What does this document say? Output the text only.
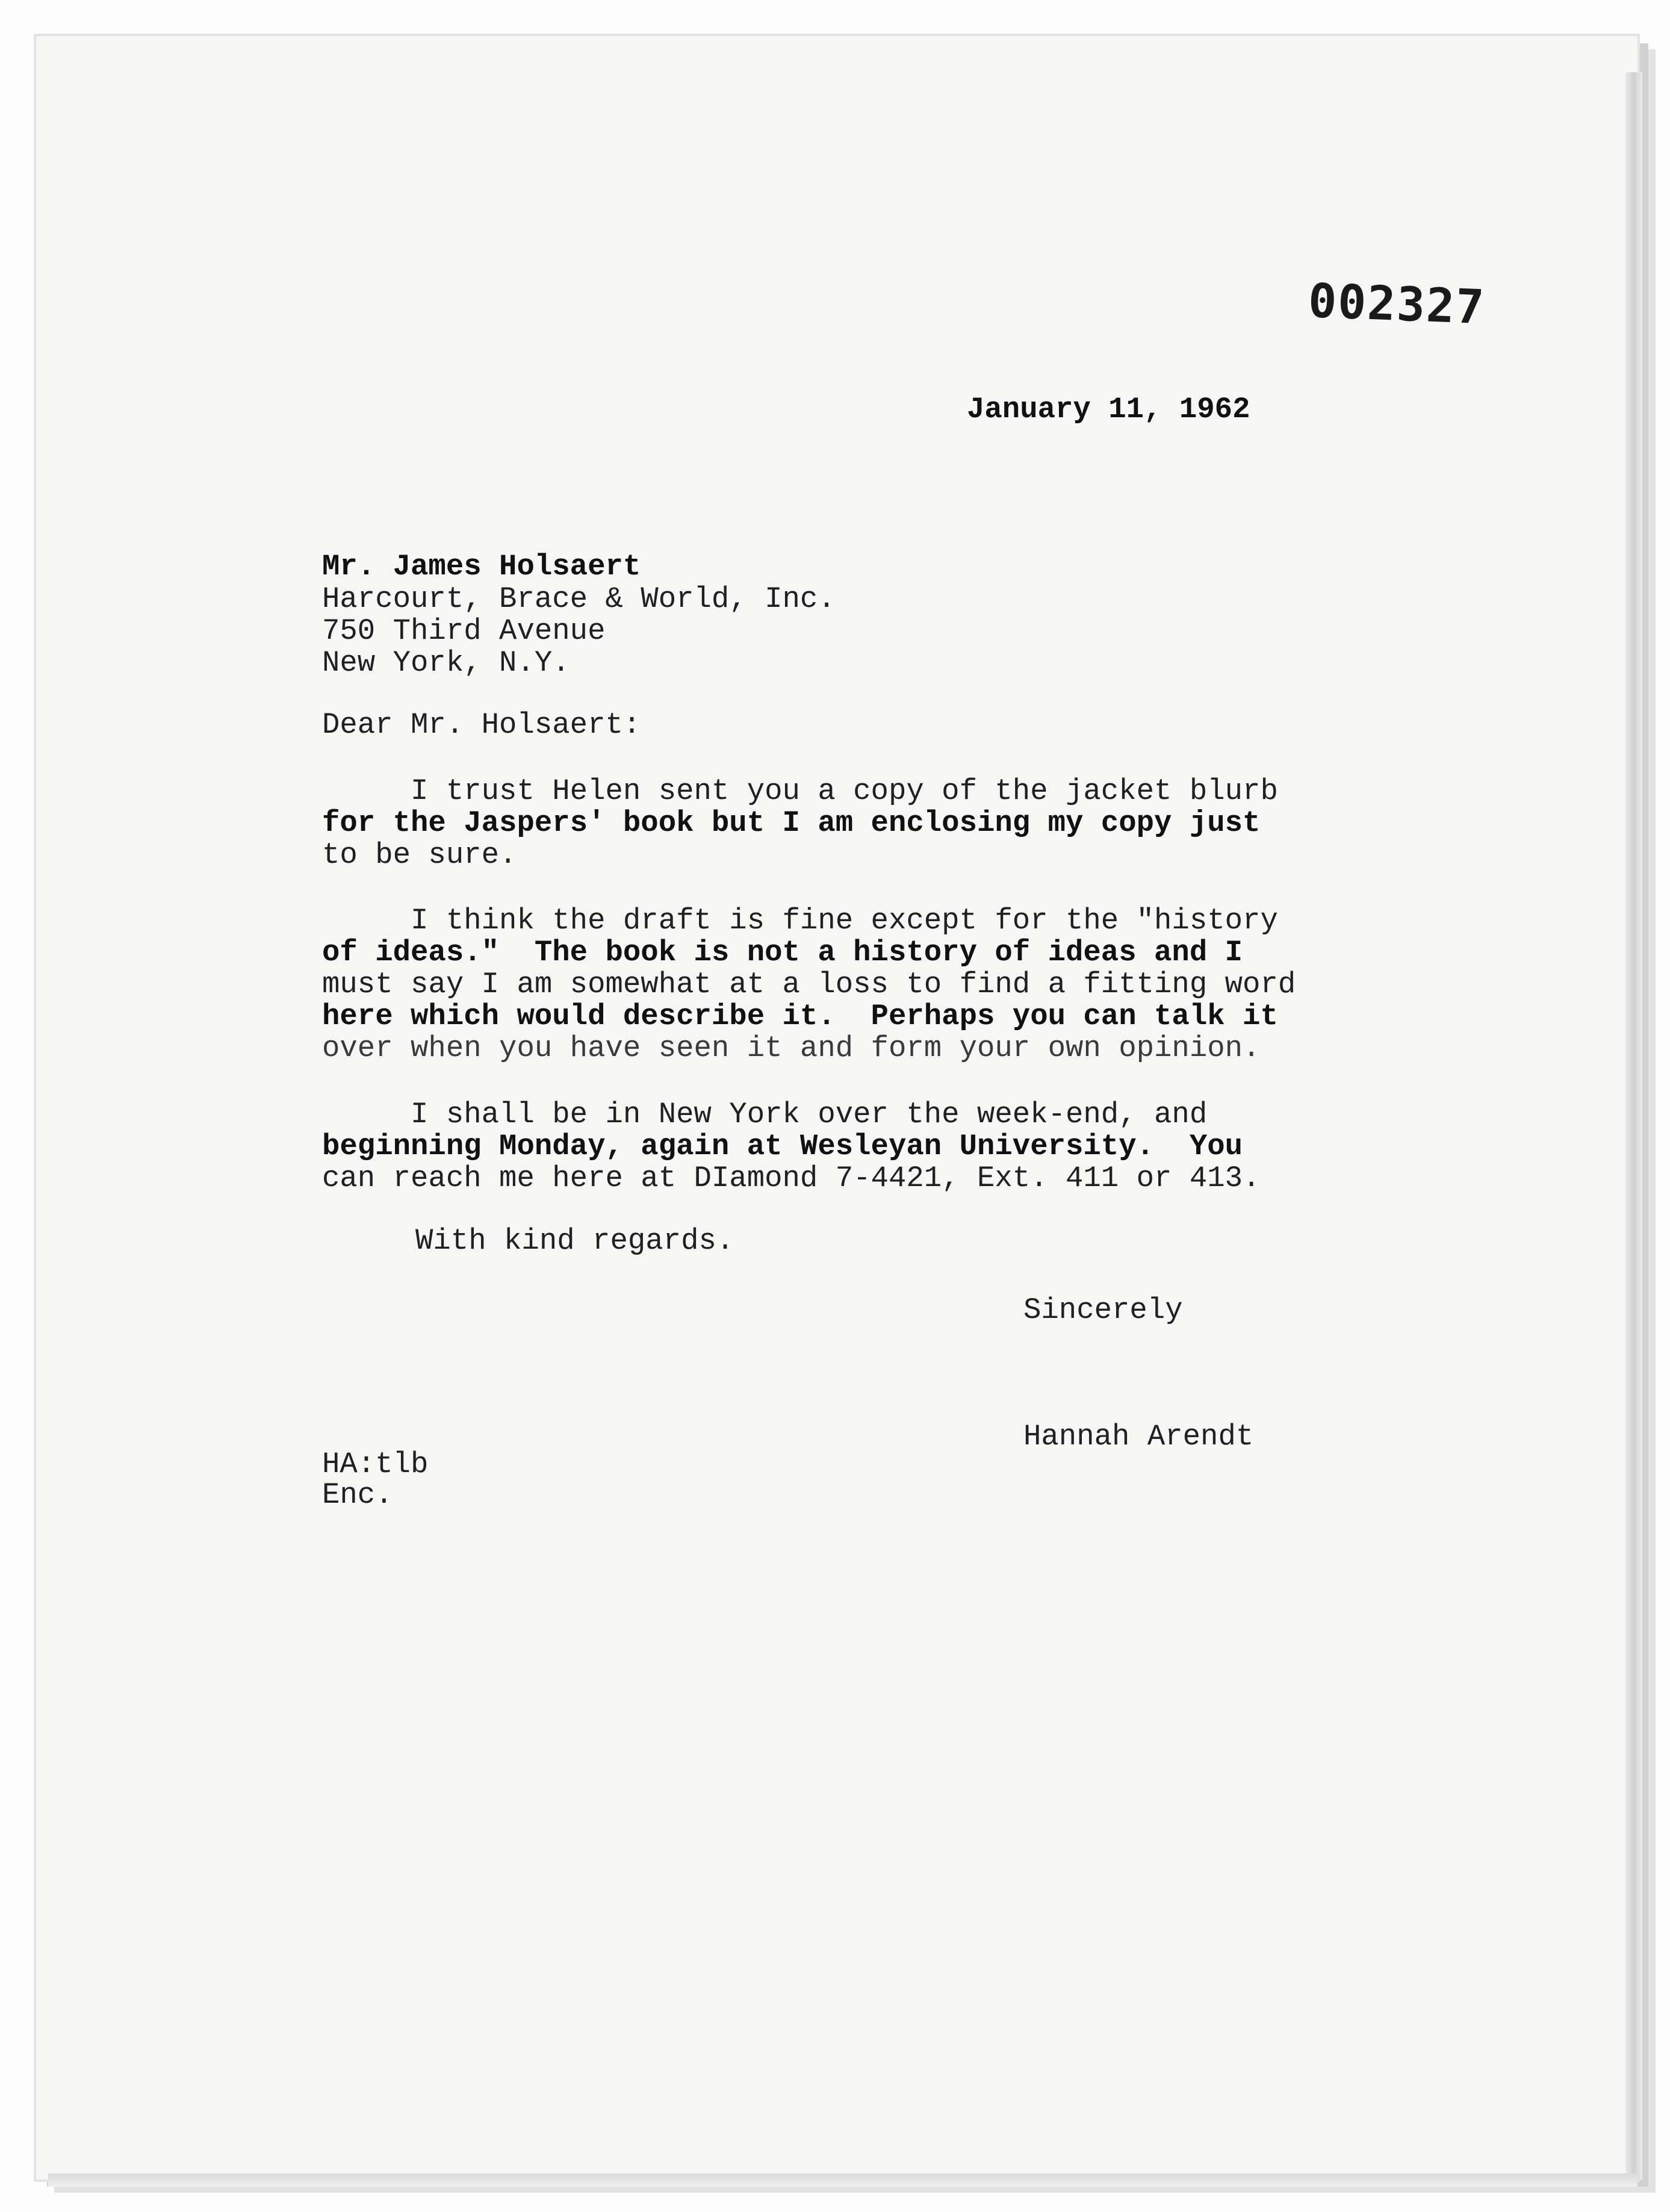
002327
January 11, 1962
Mr. James Holsaert
Harcourt, Brace & World, Inc.
750 Third Avenue
New York, N.Y.
Dear Mr. Holsaert:

I trust Helen sent you a copy of the jacket blurb

for the Jaspers' book but I am enclosing my copy just

to be sure.

I think the draft is fine except for the "history

of ideas."  The book is not a history of ideas and I

must say I am somewhat at a loss to find a fitting word

here which would describe it.  Perhaps you can talk it

over when you have seen it and form your own opinion.

I shall be in New York over the week-end, and

beginning Monday, again at Wesleyan University.  You

can reach me here at DIamond 7-4421, Ext. 411 or 413.

With kind regards.
Sincerely
Hannah Arendt
HA:tlb
Enc.
